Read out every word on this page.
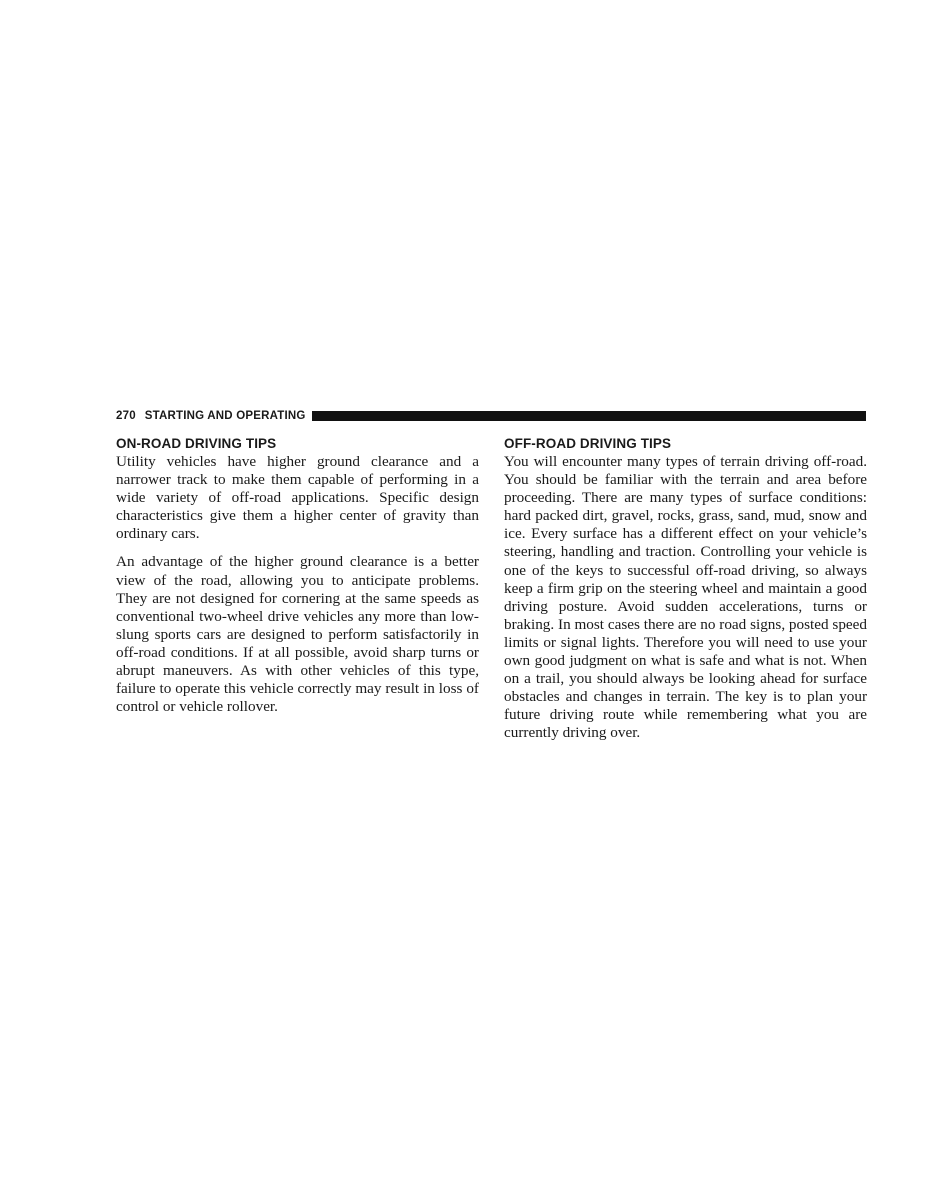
270 STARTING AND OPERATING
ON-ROAD DRIVING TIPS

Utility vehicles have higher ground clearance and a narrower track to make them capable of performing in a wide variety of off-road applications. Specific design characteristics give them a higher center of gravity than ordinary cars.

An advantage of the higher ground clearance is a better view of the road, allowing you to anticipate problems. They are not designed for cornering at the same speeds as conventional two-wheel drive vehicles any more than low-slung sports cars are designed to perform satisfactorily in off-road conditions. If at all possible, avoid sharp turns or abrupt maneuvers. As with other vehicles of this type, failure to operate this vehicle correctly may result in loss of control or vehicle rollover.

OFF-ROAD DRIVING TIPS

You will encounter many types of terrain driving off-road. You should be familiar with the terrain and area before proceeding. There are many types of surface conditions: hard packed dirt, gravel, rocks, grass, sand, mud, snow and ice. Every surface has a different effect on your vehicle’s steering, handling and traction. Controlling your vehicle is one of the keys to successful off-road driving, so always keep a firm grip on the steering wheel and maintain a good driving posture. Avoid sudden accelerations, turns or braking. In most cases there are no road signs, posted speed limits or signal lights. Therefore you will need to use your own good judgment on what is safe and what is not. When on a trail, you should always be looking ahead for surface obstacles and changes in terrain. The key is to plan your future driving route while remembering what you are currently driving over.
